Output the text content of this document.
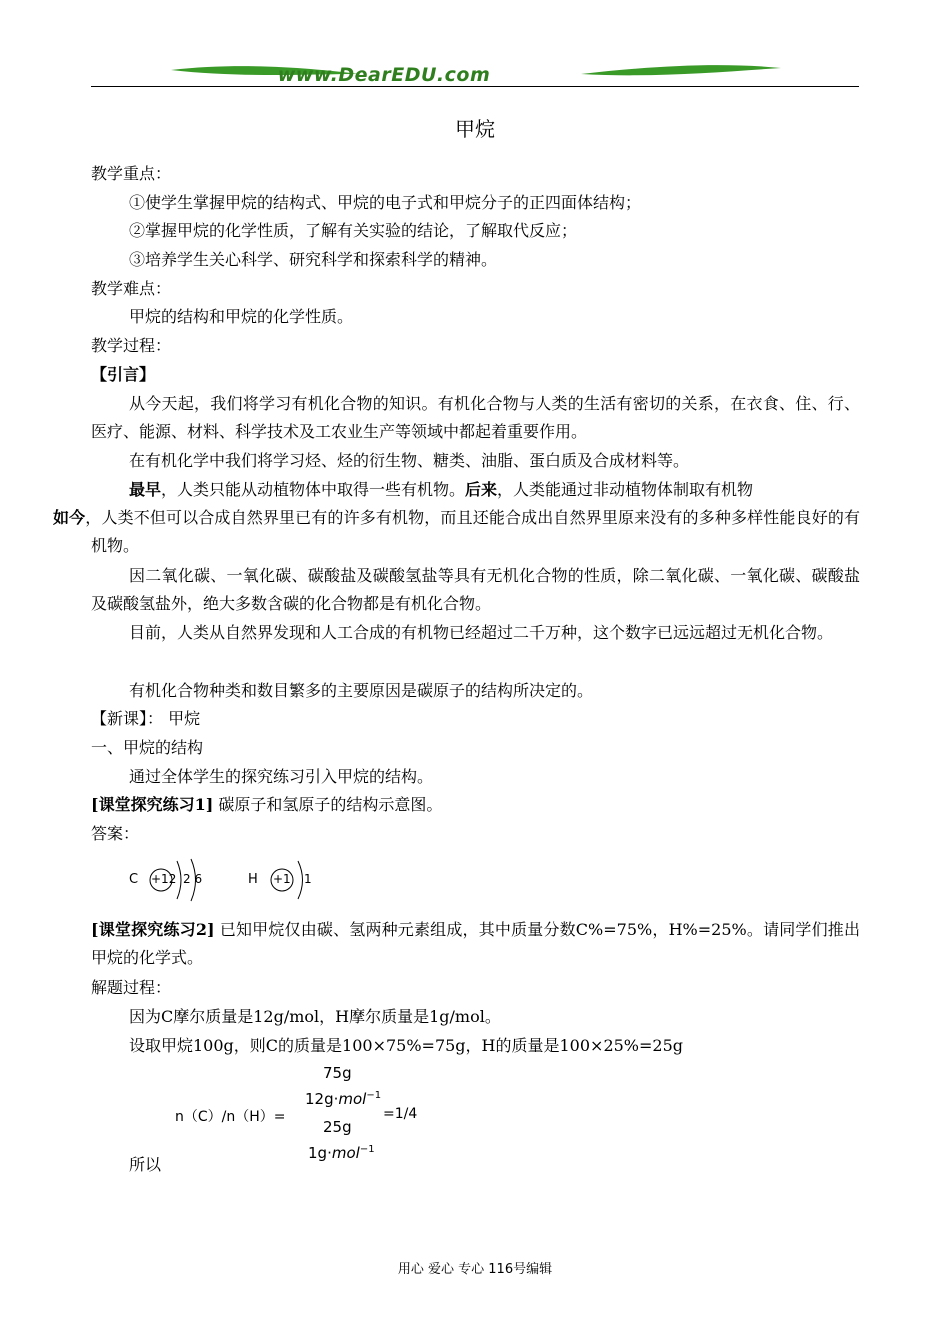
www.DearEDU.com
甲烷
教学重点：
①使学生掌握甲烷的结构式、甲烷的电子式和甲烷分子的正四面体结构；
②掌握甲烷的化学性质，了解有关实验的结论，了解取代反应；
③培养学生关心科学、研究科学和探索科学的精神。
教学难点：
甲烷的结构和甲烷的化学性质。
教学过程：
【引言】
从今天起，我们将学习有机化合物的知识。有机化合物与人类的生活有密切的关系，在衣食、住、行、医疗、能源、材料、科学技术及工农业生产等领域中都起着重要作用。
在有机化学中我们将学习烃、烃的衍生物、糖类、油脂、蛋白质及合成材料等。
最早，人类只能从动植物体中取得一些有机物。后来，人类能通过非动植物体制取有机物
如今，人类不但可以合成自然界里已有的许多有机物，而且还能合成出自然界里原来没有的多种多样性能良好的有机物。
因二氧化碳、一氧化碳、碳酸盐及碳酸氢盐等具有无机化合物的性质，除二氧化碳、一氧化碳、碳酸盐及碳酸氢盐外，绝大多数含碳的化合物都是有机化合物。
目前，人类从自然界发现和人工合成的有机物已经超过二千万种，这个数字已远远超过无机化合物。
有机化合物种类和数目繁多的主要原因是碳原子的结构所决定的。
【新课】： 甲烷
一、甲烷的结构
通过全体学生的探究练习引入甲烷的结构。
[课堂探究练习1] 碳原子和氢原子的结构示意图。
答案：
C +12 2 6	H +1 1
[课堂探究练习2] 已知甲烷仅由碳、氢两种元素组成，其中质量分数C%=75%，H%=25%。请同学们推出甲烷的化学式。
解题过程：
因为C摩尔质量是12g/mol，H摩尔质量是1g/mol。
设取甲烷100g，则C的质量是100×75%=75g，H的质量是100×25%=25g
n（C）/n（H）=
75g
12g·mol$^{-1}$
25g
1g·mol$^{-1}$
=1/4
所以
用心 爱心 专心 116号编辑
